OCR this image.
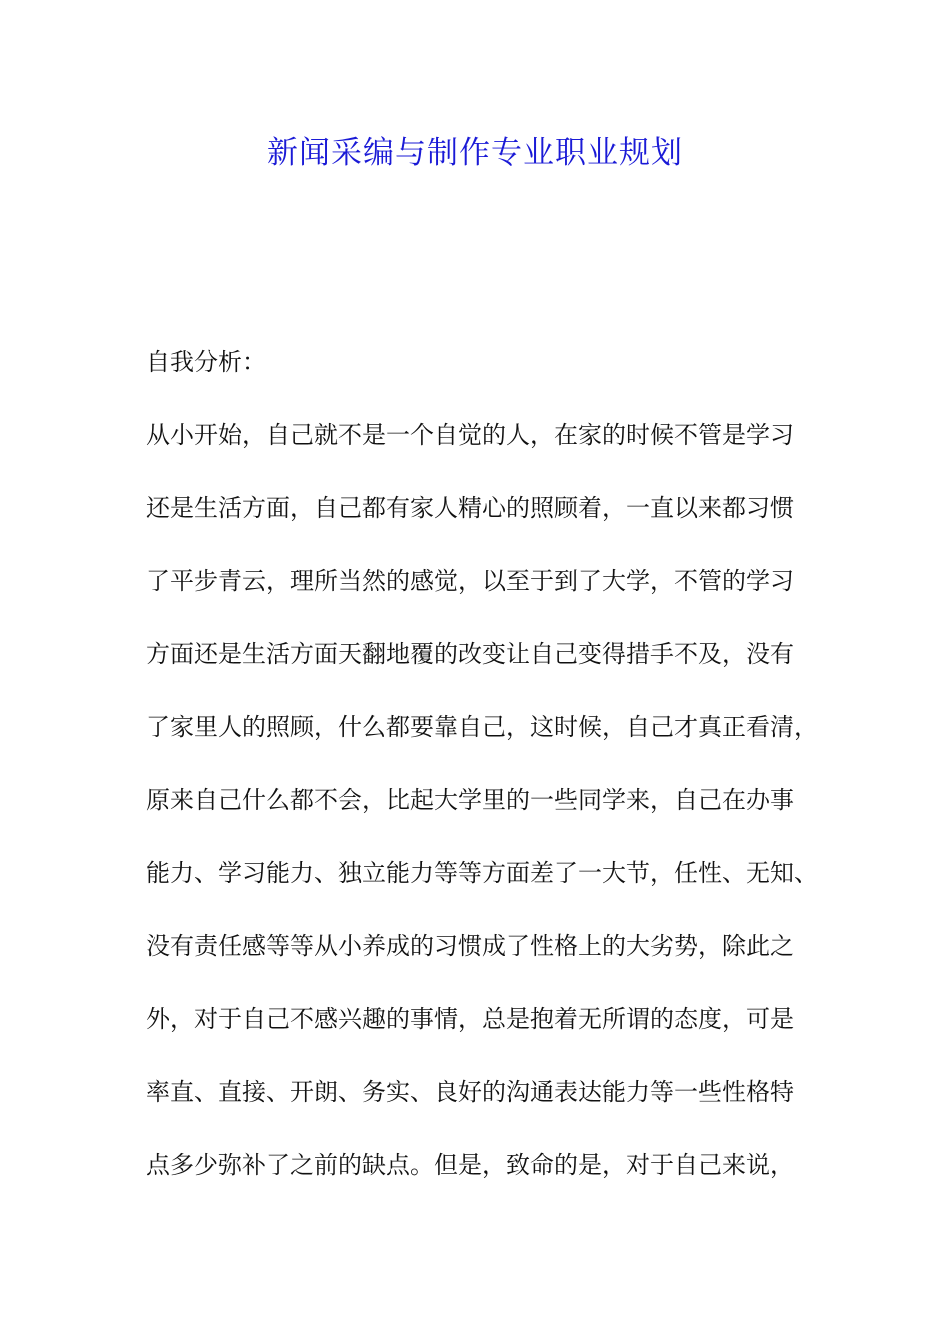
新闻采编与制作专业职业规划
自我分析：
从小开始，自己就不是一个自觉的人，在家的时候不管是学习
还是生活方面，自己都有家人精心的照顾着，一直以来都习惯
了平步青云，理所当然的感觉，以至于到了大学，不管的学习
方面还是生活方面天翻地覆的改变让自己变得措手不及，没有
了家里人的照顾，什么都要靠自己，这时候，自己才真正看清，
原来自己什么都不会，比起大学里的一些同学来，自己在办事
能力、学习能力、独立能力等等方面差了一大节，任性、无知、
没有责任感等等从小养成的习惯成了性格上的大劣势，除此之
外，对于自己不感兴趣的事情，总是抱着无所谓的态度，可是
率直、直接、开朗、务实、良好的沟通表达能力等一些性格特
点多少弥补了之前的缺点。但是，致命的是，对于自己来说，
